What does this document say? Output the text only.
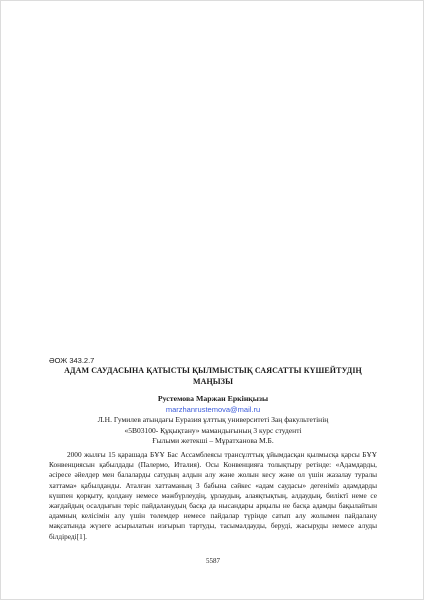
ӘОЖ 343.2.7
АДАМ САУДАСЫНА ҚАТЫСТЫ ҚЫЛМЫСТЫҚ САЯСАТТЫ КҮШЕЙТУДІҢ
МАҢЫЗЫ
Рустемова Маржан Еркінқызы
marzhanrustemova@mail.ru
Л.Н. Гумилев атындағы Еуразия ұлттық университеті Заң факультетінің
«5В03100- Құқықтану» мамандығының 3 курс студенті
Ғылыми жетекші – Мұратханова М.Б.

2000 жылғы 15 қарашада БҰҰ Бас Ассамблеясы трансұлттық ұйымдасқан қылмысқа қарсы БҰҰ Конвенциясын қабылдады (Палермо, Италия). Осы Конвенцияға толықтыру ретінде: «Адамдарды, әсіресе әйелдер мен балаларды сатудың алдын алу және жолын кесу және ол үшін жазалау туралы хаттама» қабылданды. Аталған хаттаманың 3 бабына сәйкес «адам саудасы» дегеніміз адамдарды күшпен қорқыту, қолдану немесе мәжбүрлеудің, ұрлаудың, алаяқтықтың, алдаудың, биліктї неме се жағдайдың осалдығын теріс пайдаланудың басқа да нысандары арқылы не басқа адамды бақылайтын адамның келісімін алу үшін төлемдер немесе пайдалар түрінде сатып алу жолымен пайдалану мақсатында жүзеге асырылатын изғырып тартуды, тасымалдауды, беруді, жасыруды немесе алуды білдіреді[1].

5587
